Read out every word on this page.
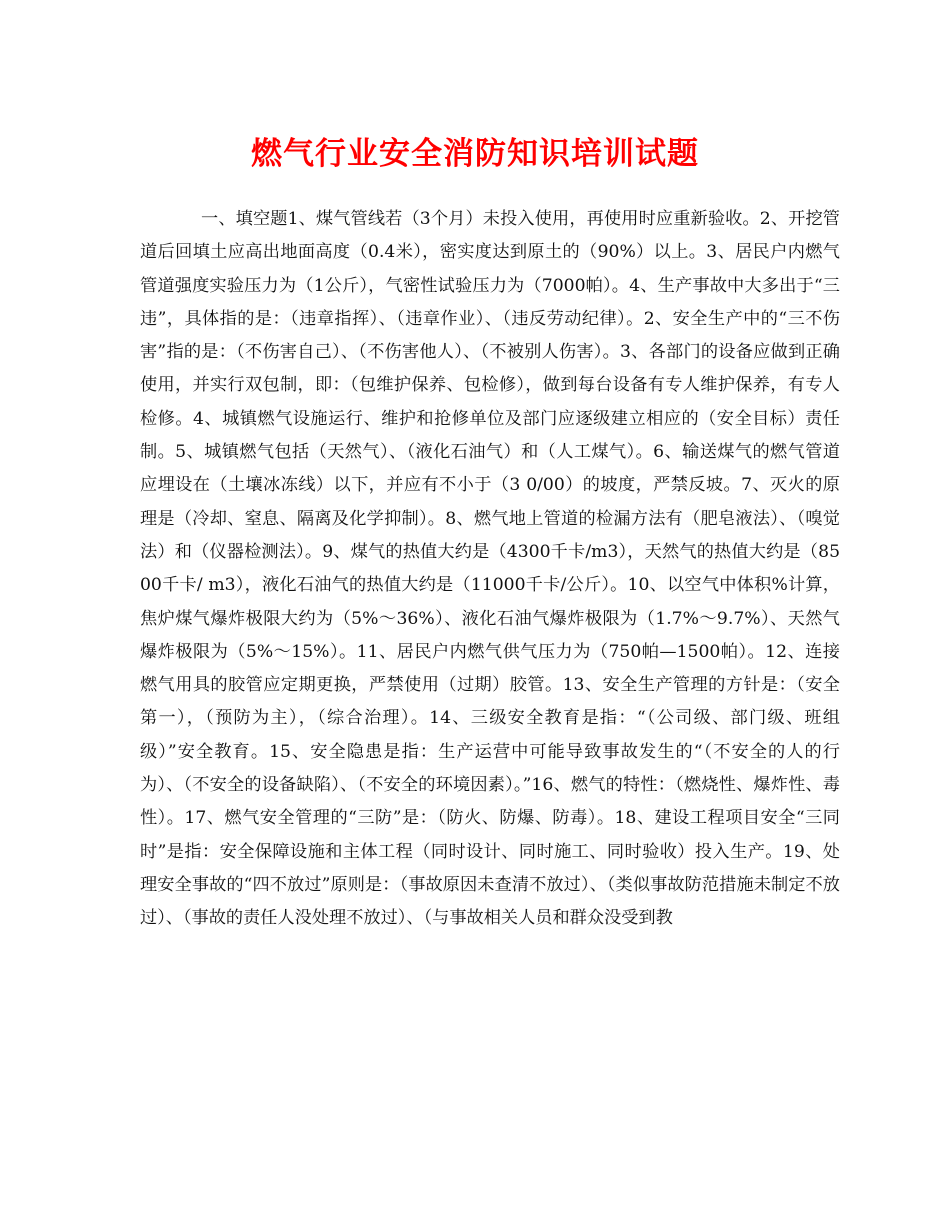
燃气行业安全消防知识培训试题

一、填空题1、煤气管线若（3个月）未投入使用，再使用时应重新验收。2、开挖管道后回填土应高出地面高度（0.4米），密实度达到原土的（90%）以上。3、居民户内燃气管道强度实验压力为（1公斤），气密性试验压力为（7000帕）。4、生产事故中大多出于“三违”，具体指的是：（违章指挥）、（违章作业）、（违反劳动纪律）。2、安全生产中的“三不伤害”指的是：（不伤害自己）、（不伤害他人）、（不被别人伤害）。3、各部门的设备应做到正确使用，并实行双包制，即：（包维护保养、包检修），做到每台设备有专人维护保养，有专人检修。4、城镇燃气设施运行、维护和抢修单位及部门应逐级建立相应的（安全目标）责任制。5、城镇燃气包括（天然气）、（液化石油气）和（人工煤气）。6、输送煤气的燃气管道应埋设在（土壤冰冻线）以下，并应有不小于（3 0/00）的坡度，严禁反坡。7、灭火的原理是（冷却、窒息、隔离及化学抑制）。8、燃气地上管道的检漏方法有（肥皂液法）、（嗅觉法）和（仪器检测法）。9、煤气的热值大约是（4300千卡/m3），天然气的热值大约是（8500千卡/ m3），液化石油气的热值大约是（11000千卡/公斤）。10、以空气中体积%计算，焦炉煤气爆炸极限大约为（5%～36%）、液化石油气爆炸极限为（1.7%～9.7%）、天然气爆炸极限为（5%～15%）。11、居民户内燃气供气压力为（750帕—1500帕）。12、连接燃气用具的胶管应定期更换，严禁使用（过期）胶管。13、安全生产管理的方针是：（安全第一），（预防为主），（综合治理）。14、三级安全教育是指：“（公司级、部门级、班组级）”安全教育。15、安全隐患是指：生产运营中可能导致事故发生的“（不安全的人的行为）、（不安全的设备缺陷）、（不安全的环境因素）。”16、燃气的特性：（燃烧性、爆炸性、毒性）。17、燃气安全管理的“三防”是：（防火、防爆、防毒）。18、建设工程项目安全“三同时”是指：安全保障设施和主体工程（同时设计、同时施工、同时验收）投入生产。19、处理安全事故的“四不放过”原则是：（事故原因未查清不放过）、（类似事故防范措施未制定不放过）、（事故的责任人没处理不放过）、（与事故相关人员和群众没受到教
